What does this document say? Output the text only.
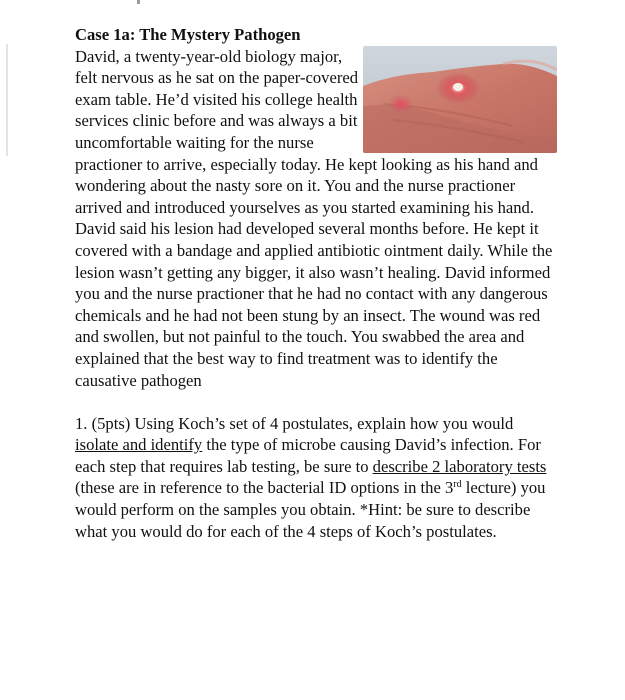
Case 1a: The Mystery Pathogen

David, a twenty-year-old biology major, felt nervous as he sat on the paper-covered exam table. He’d visited his college health services clinic before and was always a bit uncomfortable waiting for the nurse practioner to arrive, especially today. He kept looking as his hand and wondering about the nasty sore on it. You and the nurse practioner arrived and introduced yourselves as you started examining his hand. David said his lesion had developed several months before. He kept it covered with a bandage and applied antibiotic ointment daily. While the lesion wasn’t getting any bigger, it also wasn’t healing. David informed you and the nurse practioner that he had no contact with any dangerous chemicals and he had not been stung by an insect. The wound was red and swollen, but not painful to the touch. You swabbed the area and explained that the best way to find treatment was to identify the causative pathogen

1. (5pts) Using Koch’s set of 4 postulates, explain how you would isolate and identify the type of microbe causing David’s infection. For each step that requires lab testing, be sure to describe 2 laboratory tests (these are in reference to the bacterial ID options in the 3rd lecture) you would perform on the samples you obtain. *Hint: be sure to describe what you would do for each of the 4 steps of Koch’s postulates.
